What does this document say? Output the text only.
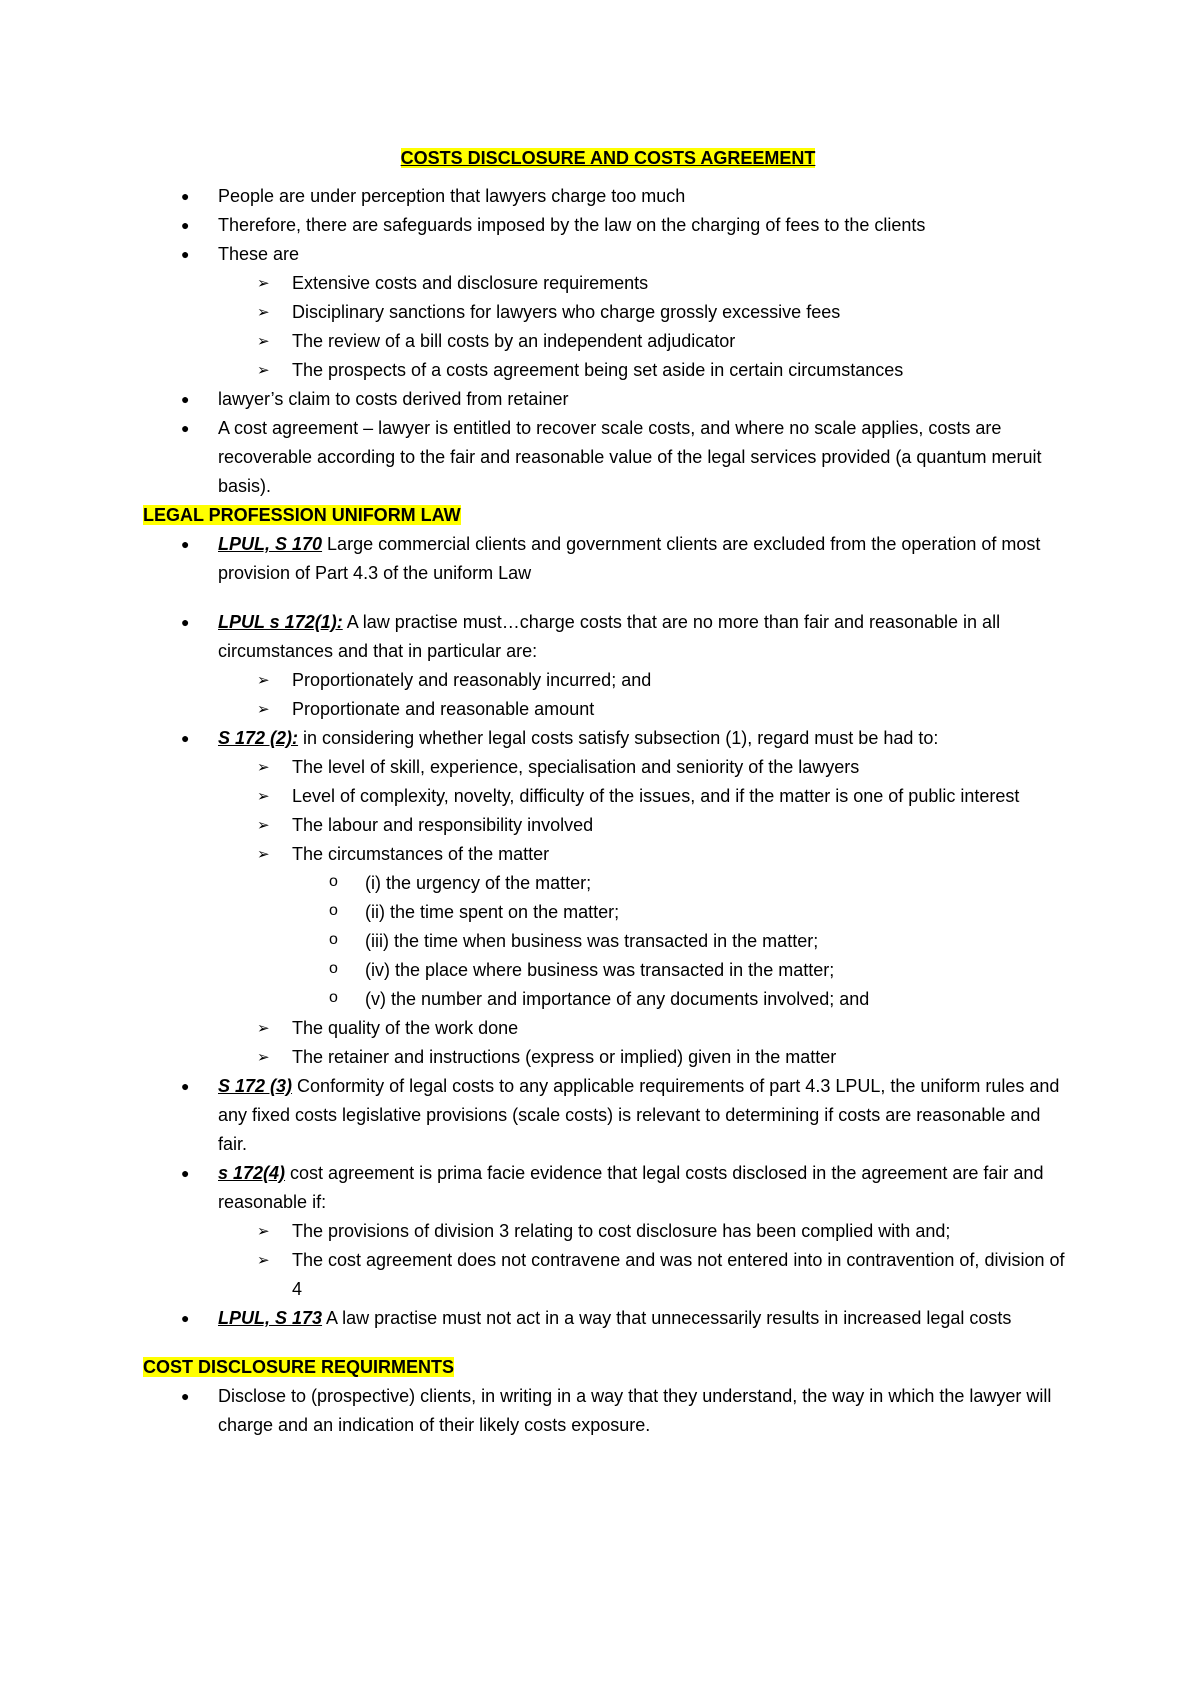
COSTS DISCLOSURE AND COSTS AGREEMENT

● People are under perception that lawyers charge too much
● Therefore, there are safeguards imposed by the law on the charging of fees to the clients
● These are
➢ Extensive costs and disclosure requirements
➢ Disciplinary sanctions for lawyers who charge grossly excessive fees
➢ The review of a bill costs by an independent adjudicator
➢ The prospects of a costs agreement being set aside in certain circumstances
● lawyer’s claim to costs derived from retainer
● A cost agreement – lawyer is entitled to recover scale costs, and where no scale applies, costs are recoverable according to the fair and reasonable value of the legal services provided (a quantum meruit basis).

LEGAL PROFESSION UNIFORM LAW

● LPUL, S 170 Large commercial clients and government clients are excluded from the operation of most provision of Part 4.3 of the uniform Law
● LPUL s 172(1): A law practise must…charge costs that are no more than fair and reasonable in all circumstances and that in particular are:
➢ Proportionately and reasonably incurred; and
➢ Proportionate and reasonable amount
● S 172 (2): in considering whether legal costs satisfy subsection (1), regard must be had to:
➢ The level of skill, experience, specialisation and seniority of the lawyers
➢ Level of complexity, novelty, difficulty of the issues, and if the matter is one of public interest
➢ The labour and responsibility involved
➢ The circumstances of the matter
o (i) the urgency of the matter;
o (ii) the time spent on the matter;
o (iii) the time when business was transacted in the matter;
o (iv) the place where business was transacted in the matter;
o (v) the number and importance of any documents involved; and
➢ The quality of the work done
➢ The retainer and instructions (express or implied) given in the matter
● S 172 (3) Conformity of legal costs to any applicable requirements of part 4.3 LPUL, the uniform rules and any fixed costs legislative provisions (scale costs) is relevant to determining if costs are reasonable and fair.
● s 172(4) cost agreement is prima facie evidence that legal costs disclosed in the agreement are fair and reasonable if:
➢ The provisions of division 3 relating to cost disclosure has been complied with and;
➢ The cost agreement does not contravene and was not entered into in contravention of, division of 4
● LPUL, S 173 A law practise must not act in a way that unnecessarily results in increased legal costs

COST DISCLOSURE REQUIRMENTS

● Disclose to (prospective) clients, in writing in a way that they understand, the way in which the lawyer will charge and an indication of their likely costs exposure.
